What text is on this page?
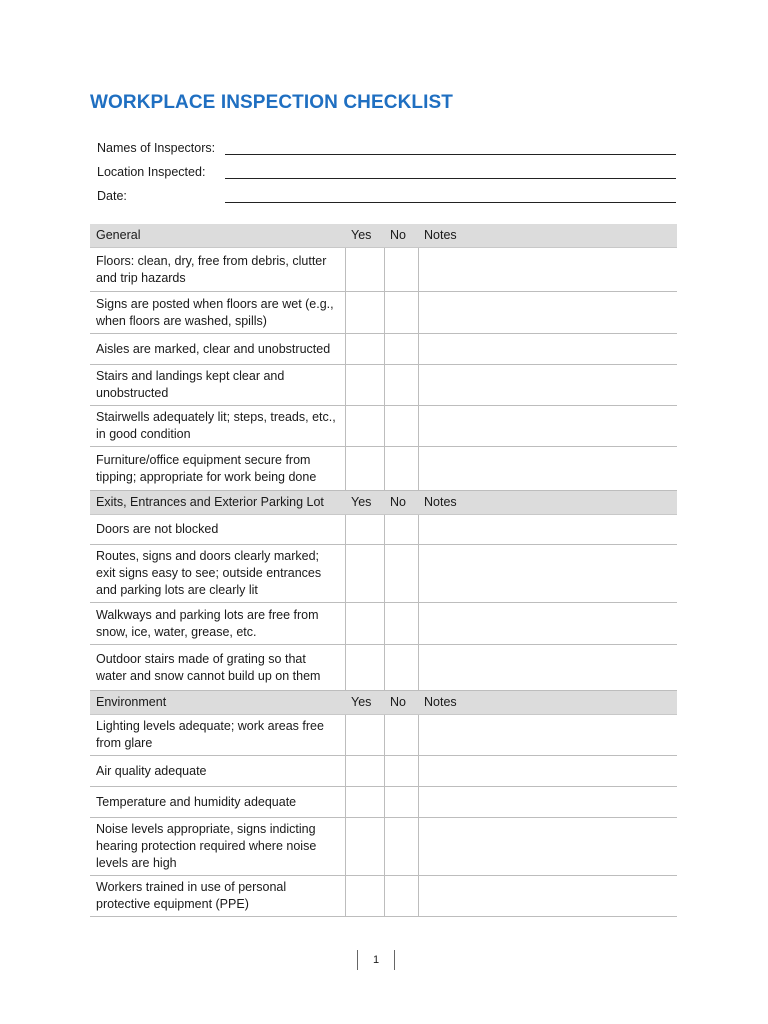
WORKPLACE INSPECTION CHECKLIST
Names of Inspectors:
Location Inspected:
Date:
General	Yes	No	Notes
Floors: clean, dry, free from debris, clutter and trip hazards			
Signs are posted when floors are wet (e.g., when floors are washed, spills)			
Aisles are marked, clear and unobstructed			
Stairs and landings kept clear and unobstructed			
Stairwells adequately lit; steps, treads, etc., in good condition			
Furniture/office equipment secure from tipping; appropriate for work being done			
Exits, Entrances and Exterior Parking Lot	Yes	No	Notes
Doors are not blocked			
Routes, signs and doors clearly marked; exit signs easy to see; outside entrances and parking lots are clearly lit			
Walkways and parking lots are free from snow, ice, water, grease, etc.			
Outdoor stairs made of grating so that water and snow cannot build up on them			
Environment	Yes	No	Notes
Lighting levels adequate; work areas free from glare			
Air quality adequate			
Temperature and humidity adequate			
Noise levels appropriate, signs indicting hearing protection required where noise levels are high			
Workers trained in use of personal protective equipment (PPE)			
1
